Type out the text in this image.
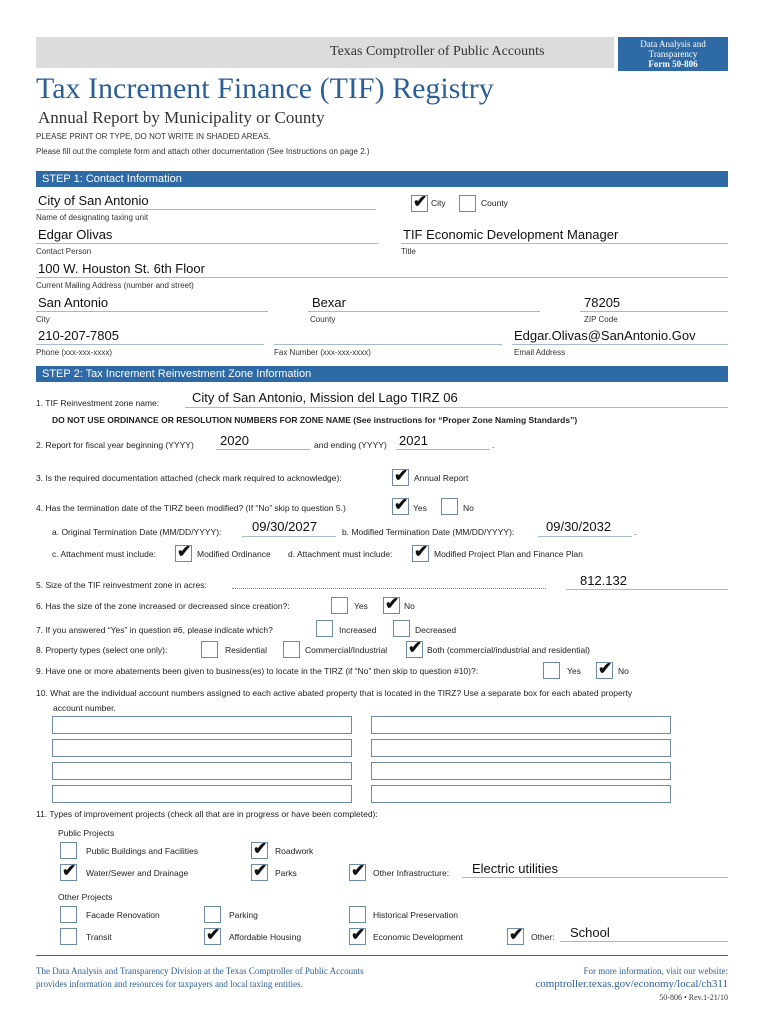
Texas Comptroller of Public Accounts	Data Analysis and
Transparency
Form 50-806
Tax Increment Finance (TIF) Registry
Annual Report by Municipality or County
PLEASE PRINT OR TYPE, DO NOT WRITE IN SHADED AREAS.
Please fill out the complete form and attach other documentation (See Instructions on page 2.)
STEP 1: Contact Information
City of San Antonio
Name of designating taxing unit
✔ City	County
Edgar Olivas
Contact Person
TIF Economic Development Manager
Title
100 W. Houston St. 6th Floor
Current Mailing Address (number and street)
San Antonio
City
Bexar
County
78205
ZIP Code
210-207-7805
Phone (xxx-xxx-xxxx)	Fax Number (xxx-xxx-xxxx)
Edgar.Olivas@SanAntonio.Gov
Email Address
STEP 2: Tax Increment Reinvestment Zone Information
1. TIF Reinvestment zone name:	City of San Antonio, Mission del Lago TIRZ 06
DO NOT USE ORDINANCE OR RESOLUTION NUMBERS FOR ZONE NAME (See instructions for “Proper Zone Naming Standards”)
2. Report for fiscal year beginning (YYYY) 2020	and ending (YYYY) 2021	.
3. Is the required documentation attached (check mark required to acknowledge):	✔ Annual Report
4. Has the termination date of the TIRZ been modified? (If “No” skip to question 5.)	✔ Yes	No
a. Original Termination Date (MM/DD/YYYY): 09/30/2027	b. Modified Termination Date (MM/DD/YYYY): 09/30/2032	.
c. Attachment must include: ✔ Modified Ordinance d. Attachment must include: ✔ Modified Project Plan and Finance Plan
5. Size of the TIF reinvestment zone in acres:	812.132
6. Has the size of the zone increased or decreased since creation?:	Yes ✔ No
7. If you answered “Yes” in question #6, please indicate which?	Increased	Decreased
8. Property types (select one only):	Residential	Commercial/Industrial ✔ Both (commercial/industrial and residential)
9. Have one or more abatements been given to business(es) to locate in the TIRZ (if “No” then skip to question #10)?:	Yes ✔ No
10. What are the individual account numbers assigned to each active abated property that is located in the TIRZ? Use a separate box for each abated property
account number.
11. Types of improvement projects (check all that are in progress or have been completed):
Public Projects
Public Buildings and Facilities	✔ Roadwork
✔ Water/Sewer and Drainage	✔ Parks	✔ Other Infrastructure: Electric utilities
Other Projects
Facade Renovation	Parking	Historical Preservation
Transit	✔ Affordable Housing	✔ Economic Development	✔ Other: School
The Data Analysis and Transparency Division at the Texas Comptroller of Public Accounts
provides information and resources for taxpayers and local taxing entities.
For more information, visit our website:
comptroller.texas.gov/economy/local/ch311
50-806 • Rev.1-21/10
